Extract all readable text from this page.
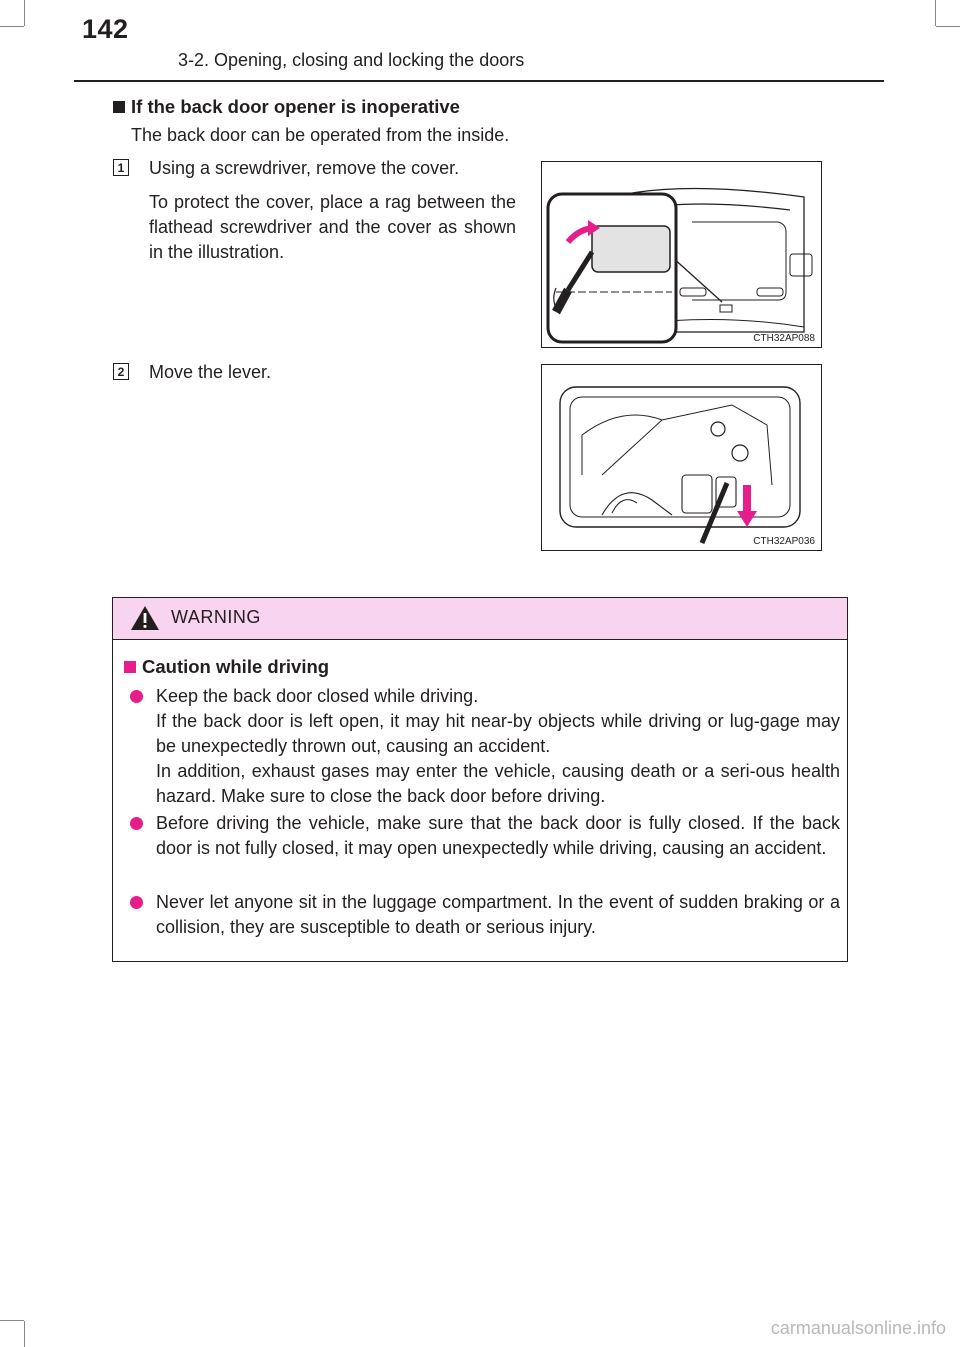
142
3-2. Opening, closing and locking the doors
If the back door opener is inoperative
The back door can be operated from the inside.
1 Using a screwdriver, remove the cover.
To protect the cover, place a rag between the flathead screwdriver and the cover as shown in the illustration.
CTH32AP088
2 Move the lever.
CTH32AP036
WARNING
Caution while driving
Keep the back door closed while driving.
If the back door is left open, it may hit near-by objects while driving or lug-gage may be unexpectedly thrown out, causing an accident.
In addition, exhaust gases may enter the vehicle, causing death or a seri-ous health hazard. Make sure to close the back door before driving.
Before driving the vehicle, make sure that the back door is fully closed. If the back door is not fully closed, it may open unexpectedly while driving, causing an accident.
Never let anyone sit in the luggage compartment. In the event of sudden braking or a collision, they are susceptible to death or serious injury.
carmanualsonline.info
